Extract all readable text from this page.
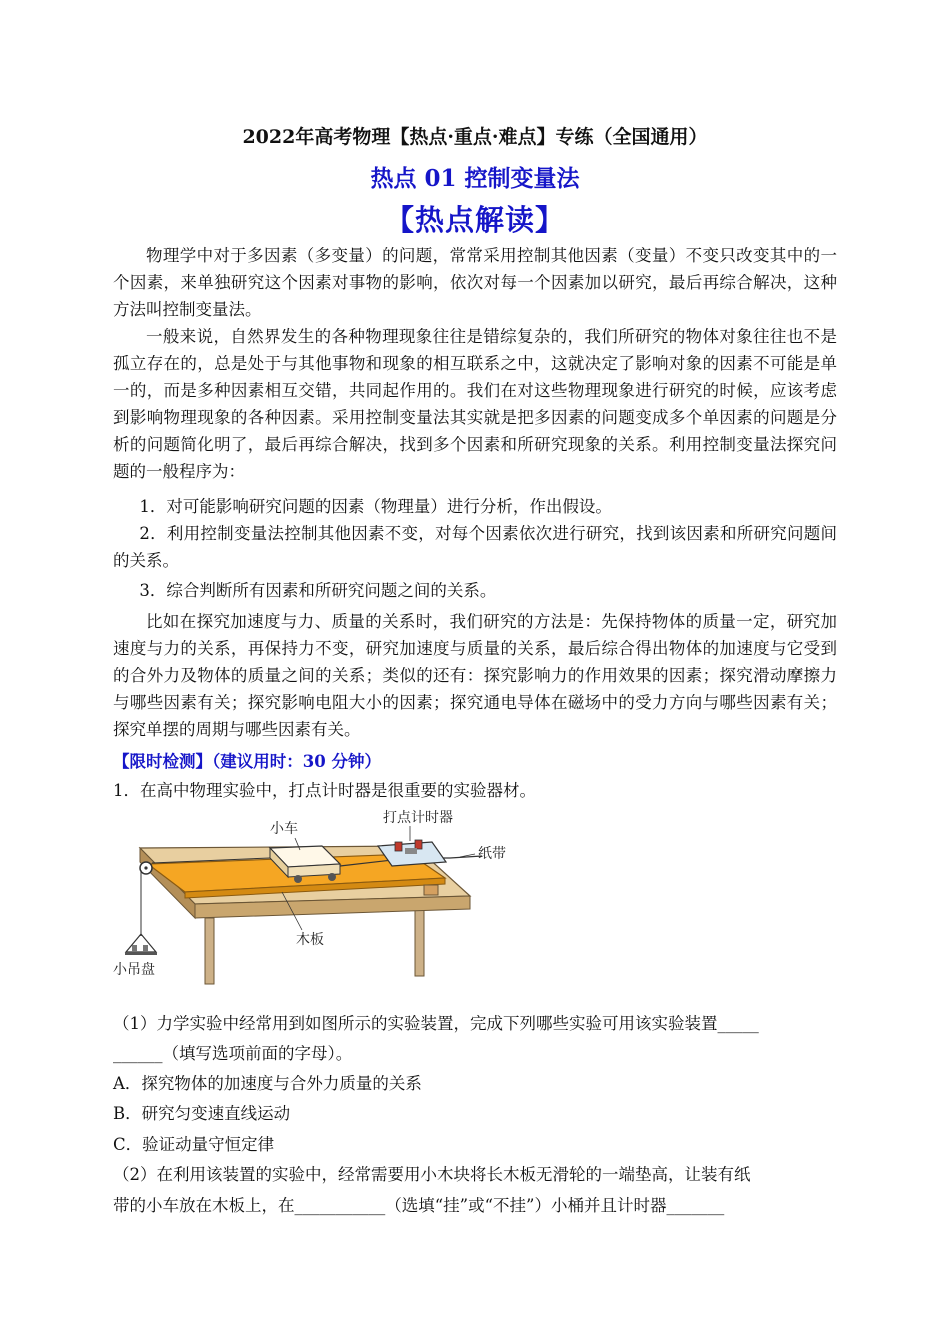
2022年高考物理【热点·重点·难点】专练（全国通用）
热点 01 控制变量法
【热点解读】

物理学中对于多因素（多变量）的问题，常常采用控制其他因素（变量）不变只改变其中的一个因素，来单独研究这个因素对事物的影响，依次对每一个因素加以研究，最后再综合解决，这种方法叫控制变量法。

一般来说，自然界发生的各种物理现象往往是错综复杂的，我们所研究的物体对象往往也不是孤立存在的，总是处于与其他事物和现象的相互联系之中，这就决定了影响对象的因素不可能是单一的，而是多种因素相互交错，共同起作用的。我们在对这些物理现象进行研究的时候，应该考虑到影响物理现象的各种因素。采用控制变量法其实就是把多因素的问题变成多个单因素的问题是分析的问题简化明了，最后再综合解决，找到多个因素和所研究现象的关系。利用控制变量法探究问题的一般程序为：

1．对可能影响研究问题的因素（物理量）进行分析，作出假设。

2．利用控制变量法控制其他因素不变，对每个因素依次进行研究，找到该因素和所研究问题间的关系。

3．综合判断所有因素和所研究问题之间的关系。

比如在探究加速度与力、质量的关系时，我们研究的方法是：先保持物体的质量一定，研究加速度与力的关系，再保持力不变，研究加速度与质量的关系，最后综合得出物体的加速度与它受到的合外力及物体的质量之间的关系；类似的还有：探究影响力的作用效果的因素；探究滑动摩擦力与哪些因素有关；探究影响电阻大小的因素；探究通电导体在磁场中的受力方向与哪些因素有关；探究单摆的周期与哪些因素有关。

【限时检测】（建议用时：30 分钟）
1．在高中物理实验中，打点计时器是很重要的实验器材。
小车
打点计时器
纸带
木板
小吊盘
（1）力学实验中经常用到如图所示的实验装置，完成下列哪些实验可用该实验装置_____
______（填写选项前面的字母）。
A．探究物体的加速度与合外力质量的关系
B．研究匀变速直线运动
C．验证动量守恒定律
（2）在利用该装置的实验中，经常需要用小木块将长木板无滑轮的一端垫高，让装有纸
带的小车放在木板上，在___________（选填“挂”或“不挂”）小桶并且计时器_______
